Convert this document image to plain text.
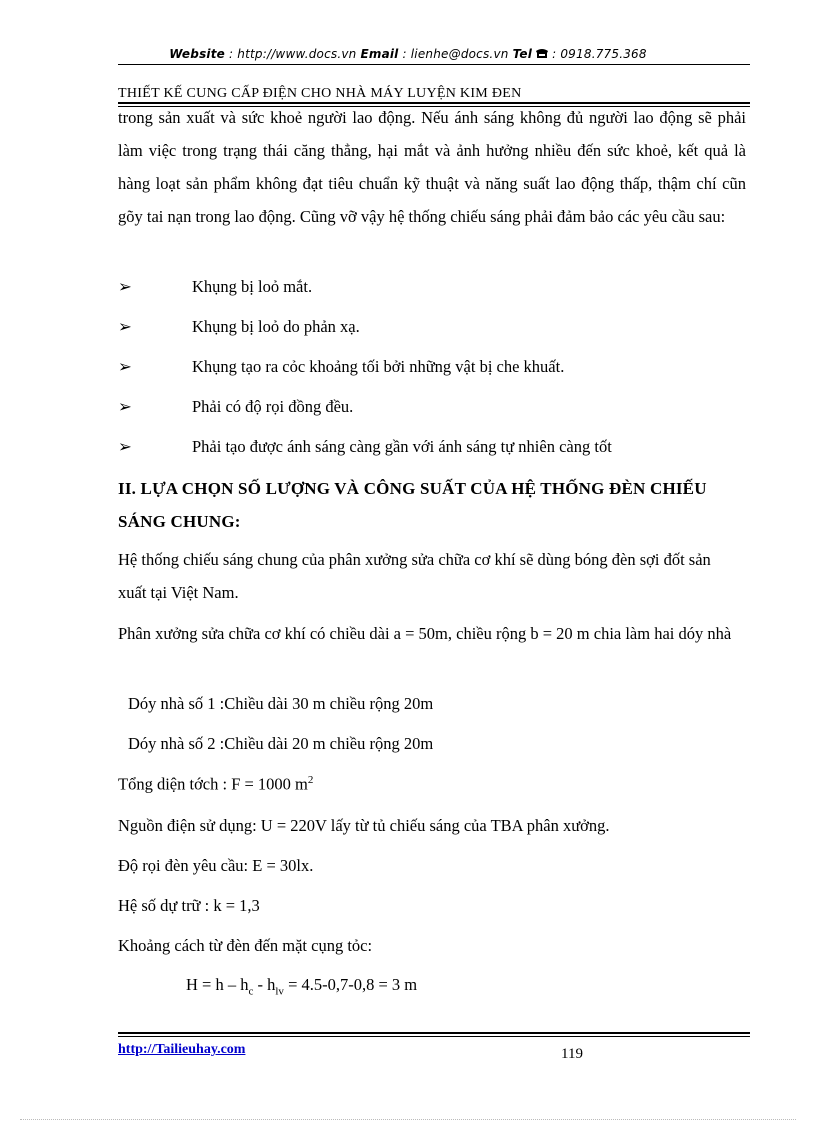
Website : http://www.docs.vn Email : lienhe@docs.vn Tel  : 0918.775.368
THIẾT KẾ CUNG CẤP ĐIỆN CHO NHÀ MÁY LUYỆN KIM ĐEN
trong sản xuất và sức khoẻ người lao động. Nếu ánh sáng không đủ người lao động sẽ phải làm việc trong trạng thái căng thẳng, hại mắt và ảnh hưởng nhiều đến sức khoẻ, kết quả là hàng loạt sản phẩm không đạt tiêu chuẩn kỹ thuật và năng suất lao động thấp, thậm chí cũn gõy tai nạn trong lao động. Cũng vỡ vậy hệ thống chiếu sáng phải đảm bảo các yêu cầu sau:
➢	Khụng bị loỏ mắt.
➢	Khụng bị loỏ do phản xạ.
➢	Khụng tạo ra cỏc khoảng tối bởi những vật bị che khuất.
➢	Phải có độ rọi đồng đều.
➢	Phải tạo được ánh sáng càng gần với ánh sáng tự nhiên càng tốt
II. LỰA CHỌN SỐ LƯỢNG VÀ CÔNG SUẤT CỦA HỆ THỐNG ĐÈN CHIẾU SÁNG CHUNG:
Hệ thống chiếu sáng chung của phân xưởng sửa chữa cơ khí sẽ dùng bóng đèn sợi đốt sản xuất tại Việt Nam.
Phân xưởng sửa chữa cơ khí có chiều dài a = 50m, chiều rộng b = 20 m chia làm hai dóy nhà
Dóy nhà số 1 :Chiều dài 30 m chiều rộng 20m
Dóy nhà số 2 :Chiều dài 20 m chiều rộng 20m
Tổng diện tớch : F = 1000 $m^2$
Nguồn điện sử dụng: U = 220V lấy từ tủ chiếu sáng của TBA phân xưởng.
Độ rọi đèn yêu cầu: E = 30lx.
Hệ số dự trữ : k = 1,3
Khoảng cách từ đèn đến mặt cụng tỏc:
$H = h - h_c - h_{lv} = 4.5-0,7-0,8 = 3$ m
http://Tailieuhay.com	119
